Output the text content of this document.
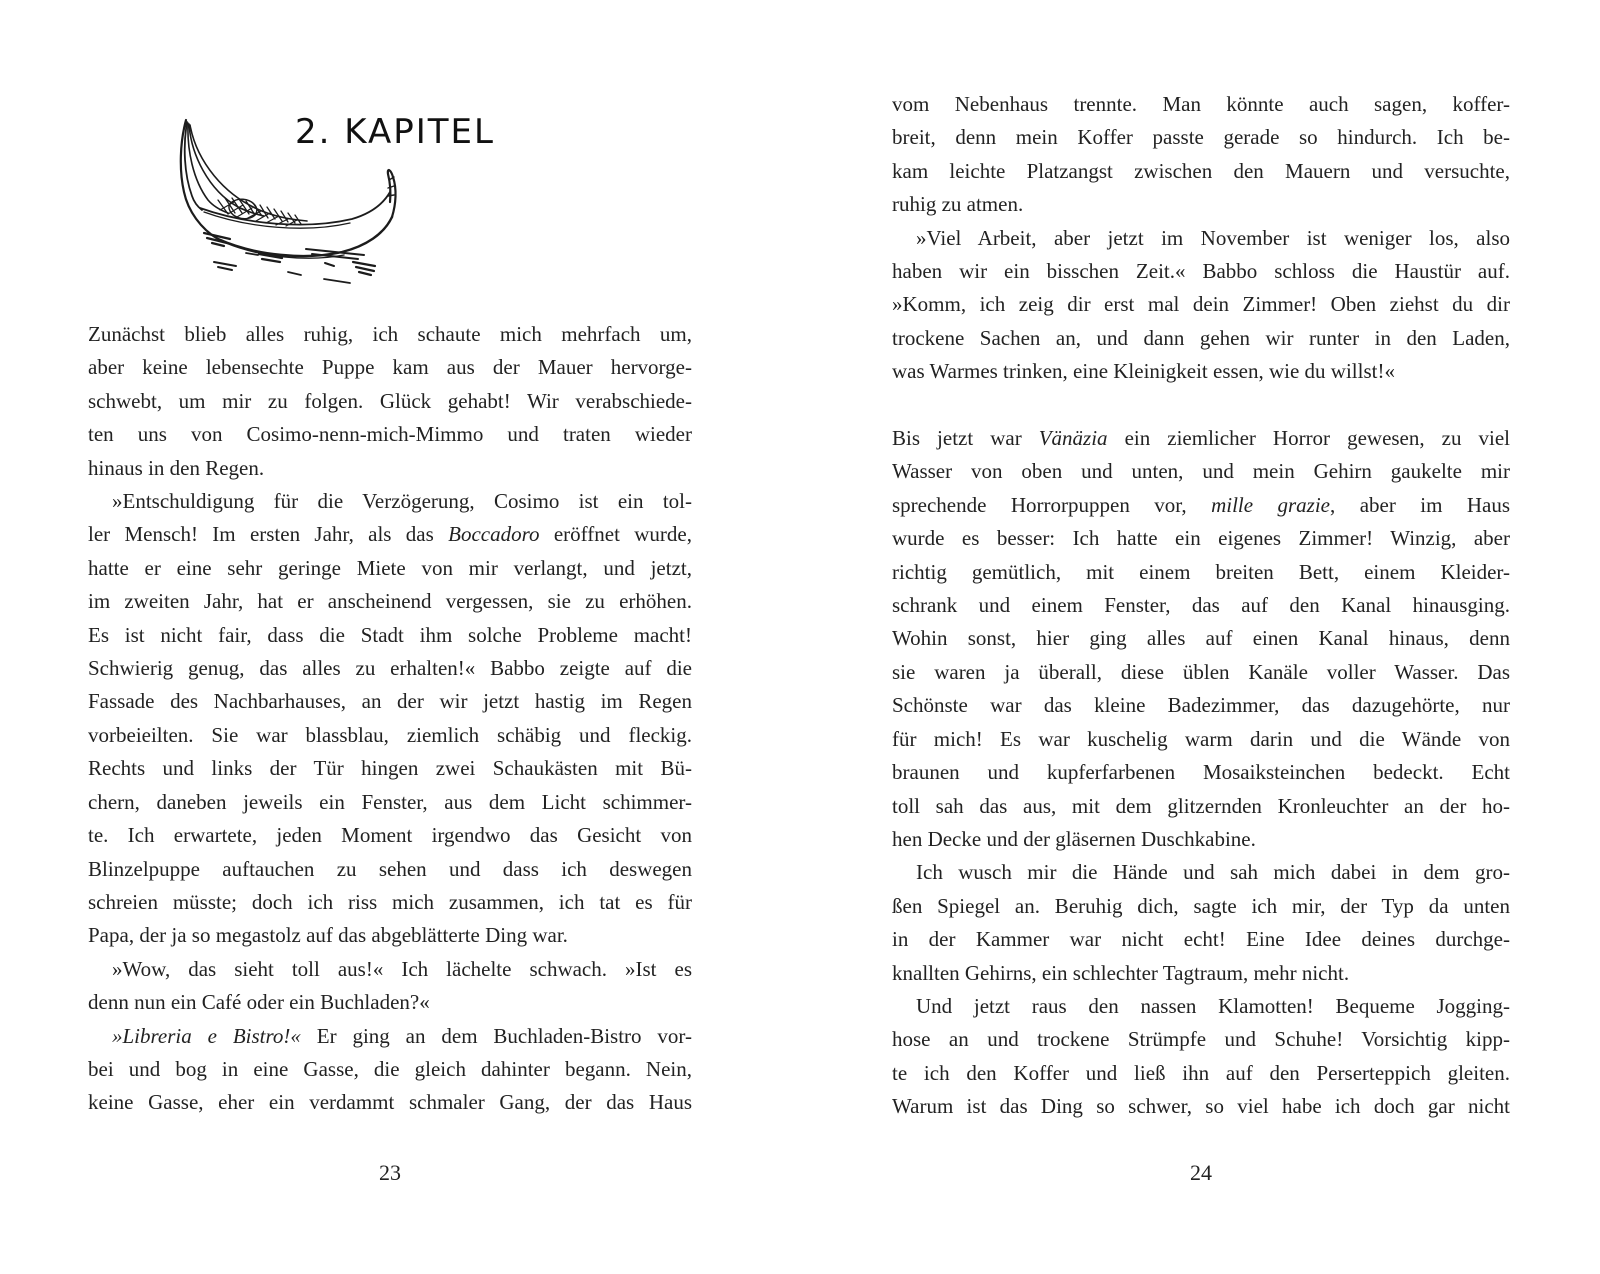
2. KAPITEL
Zunächst blieb alles ruhig, ich schaute mich mehrfach um,
aber keine lebensechte Puppe kam aus der Mauer hervorge-
schwebt, um mir zu folgen. Glück gehabt! Wir verabschiede-
ten uns von Cosimo-nenn-mich-Mimmo und traten wieder
hinaus in den Regen.
»Entschuldigung für die Verzögerung, Cosimo ist ein tol-
ler Mensch! Im ersten Jahr, als das Boccadoro eröffnet wurde,
hatte er eine sehr geringe Miete von mir verlangt, und jetzt,
im zweiten Jahr, hat er anscheinend vergessen, sie zu erhöhen.
Es ist nicht fair, dass die Stadt ihm solche Probleme macht!
Schwierig genug, das alles zu erhalten!« Babbo zeigte auf die
Fassade des Nachbarhauses, an der wir jetzt hastig im Regen
vorbeieilten. Sie war blassblau, ziemlich schäbig und fleckig.
Rechts und links der Tür hingen zwei Schaukästen mit Bü-
chern, daneben jeweils ein Fenster, aus dem Licht schimmer-
te. Ich erwartete, jeden Moment irgendwo das Gesicht von
Blinzelpuppe auftauchen zu sehen und dass ich deswegen
schreien müsste; doch ich riss mich zusammen, ich tat es für
Papa, der ja so megastolz auf das abgeblätterte Ding war.
»Wow, das sieht toll aus!« Ich lächelte schwach. »Ist es
denn nun ein Café oder ein Buchladen?«
»Libreria e Bistro!« Er ging an dem Buchladen-Bistro vor-
bei und bog in eine Gasse, die gleich dahinter begann. Nein,
keine Gasse, eher ein verdammt schmaler Gang, der das Haus
23
vom Nebenhaus trennte. Man könnte auch sagen, koffer-
breit, denn mein Koffer passte gerade so hindurch. Ich be-
kam leichte Platzangst zwischen den Mauern und versuchte,
ruhig zu atmen.
»Viel Arbeit, aber jetzt im November ist weniger los, also
haben wir ein bisschen Zeit.« Babbo schloss die Haustür auf.
»Komm, ich zeig dir erst mal dein Zimmer! Oben ziehst du dir
trockene Sachen an, und dann gehen wir runter in den Laden,
was Warmes trinken, eine Kleinigkeit essen, wie du willst!«
Bis jetzt war Vänäzia ein ziemlicher Horror gewesen, zu viel
Wasser von oben und unten, und mein Gehirn gaukelte mir
sprechende Horrorpuppen vor, mille grazie, aber im Haus
wurde es besser: Ich hatte ein eigenes Zimmer! Winzig, aber
richtig gemütlich, mit einem breiten Bett, einem Kleider-
schrank und einem Fenster, das auf den Kanal hinausging.
Wohin sonst, hier ging alles auf einen Kanal hinaus, denn
sie waren ja überall, diese üblen Kanäle voller Wasser. Das
Schönste war das kleine Badezimmer, das dazugehörte, nur
für mich! Es war kuschelig warm darin und die Wände von
braunen und kupferfarbenen Mosaiksteinchen bedeckt. Echt
toll sah das aus, mit dem glitzernden Kronleuchter an der ho-
hen Decke und der gläsernen Duschkabine.
Ich wusch mir die Hände und sah mich dabei in dem gro-
ßen Spiegel an. Beruhig dich, sagte ich mir, der Typ da unten
in der Kammer war nicht echt! Eine Idee deines durchge-
knallten Gehirns, ein schlechter Tagtraum, mehr nicht.
Und jetzt raus den nassen Klamotten! Bequeme Jogging-
hose an und trockene Strümpfe und Schuhe! Vorsichtig kipp-
te ich den Koffer und ließ ihn auf den Perserteppich gleiten.
Warum ist das Ding so schwer, so viel habe ich doch gar nicht
24
